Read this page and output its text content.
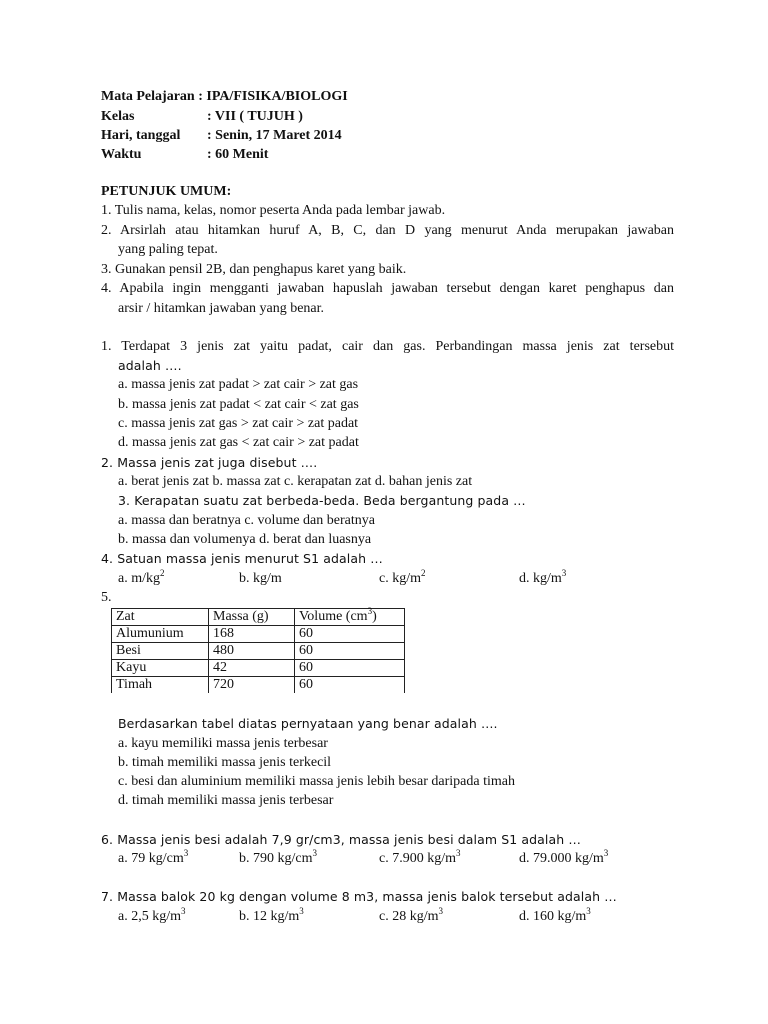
Mata Pelajaran : IPA/FISIKA/BIOLOGI
Kelas	: VII ( TUJUH )
Hari, tanggal : Senin, 17 Maret 2014
Waktu	: 60 Menit
PETUNJUK UMUM:
1. Tulis nama, kelas, nomor peserta Anda pada lembar jawab.
2. Arsirlah atau hitamkan huruf A, B, C, dan D yang menurut Anda merupakan jawaban
yang paling tepat.
3. Gunakan pensil 2B, dan penghapus karet yang baik.
4. Apabila ingin mengganti jawaban hapuslah jawaban tersebut dengan karet penghapus dan
arsir / hitamkan jawaban yang benar.
1. Terdapat 3 jenis zat yaitu padat, cair dan gas. Perbandingan massa jenis zat tersebut
adalah ….
a. massa jenis zat padat > zat cair > zat gas
b. massa jenis zat padat < zat cair < zat gas
c. massa jenis zat gas > zat cair > zat padat
d. massa jenis zat gas < zat cair > zat padat
2. Massa jenis zat juga disebut ….
a. berat jenis zat b. massa zat c. kerapatan zat d. bahan jenis zat
3. Kerapatan suatu zat berbeda-beda. Beda bergantung pada …
a. massa dan beratnya c. volume dan beratnya
b. massa dan volumenya d. berat dan luasnya
4. Satuan massa jenis menurut S1 adalah …
a. $m/kg^2$	b. kg/m	c. $kg/m^2$	d. $kg/m^3$
5.
Zat	Massa (g)	Volume $(cm^3)$
Alumunium	168	60
Besi	480	60
Kayu	42	60
Timah	720	60
Berdasarkan tabel diatas pernyataan yang benar adalah ….
a. kayu memiliki massa jenis terbesar
b. timah memiliki massa jenis terkecil
c. besi dan aluminium memiliki massa jenis lebih besar daripada timah
d. timah memiliki massa jenis terbesar
6. Massa jenis besi adalah 7,9 gr/cm3, massa jenis besi dalam S1 adalah …
a. 79 $kg/cm^3$	b. 790 $kg/cm^3$	c. 7.900 $kg/m^3$	d. 79.000 $kg/m^3$
7. Massa balok 20 kg dengan volume 8 m3, massa jenis balok tersebut adalah …
a. 2,5 $kg/m^3$	b. 12 $kg/m^3$	c. 28 $kg/m^3$	d. 160 $kg/m^3$
